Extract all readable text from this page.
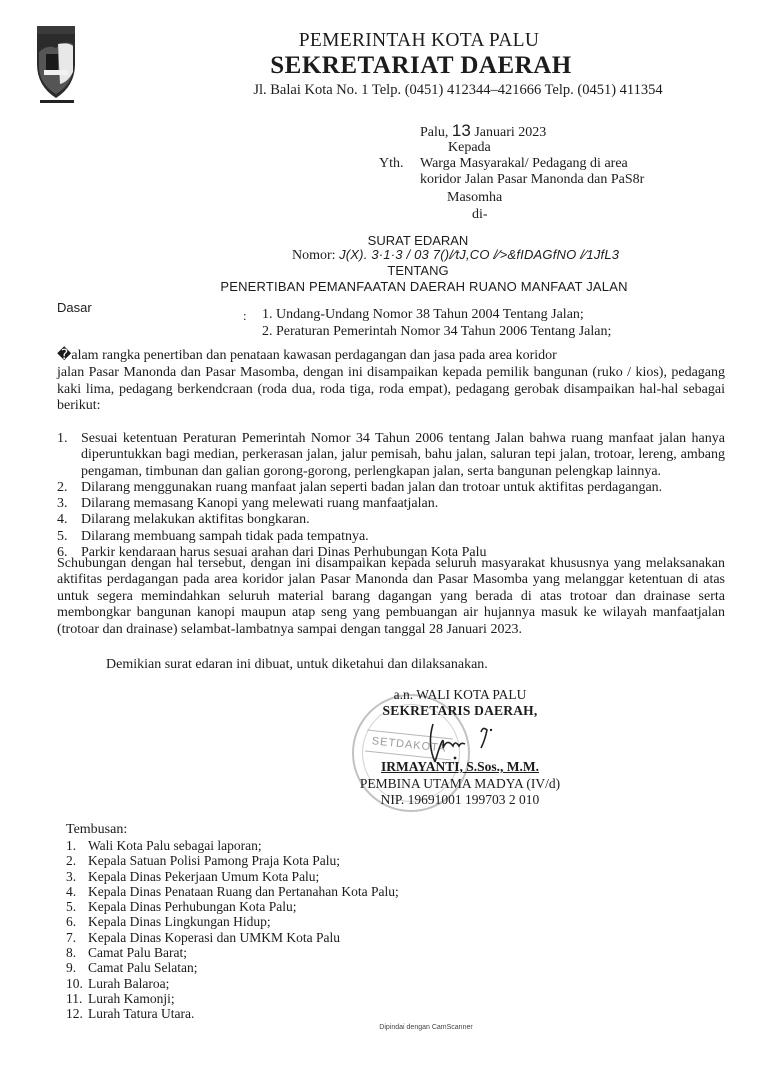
PEMERINTAH KOTA PALU
SEKRETARIAT DAERAH
Jl. Balai Kota No. 1 Telp. (0451) 412344–421666 Telp. (0451) 411354
Palu, 13 Januari 2023
Kepada
Yth. Warga Masyarakal/ Pedagang di area
koridor Jalan Pasar Manonda dan PaS8r
Masomha
di-
SURAT EDARAN
Nomor: J(X). 3·1·3 / 03 7()/⁄tJ,CO /⁄>&fIDAGfNO /⁄1JfL3
TENTANG
PENERTIBAN PEMANFAATAN DAERAH RUANO MANFAAT JALAN
Dasar
: 1. Undang-Undang Nomor 38 Tahun 2004 Tentang Jalan;
2. Peraturan Pemerintah Nomor 34 Tahun 2006 Tentang Jalan;
�alam rangka penertiban dan penataan kawasan perdagangan dan jasa pada area koridor
jalan Pasar Manonda dan Pasar Masomba, dengan ini disampaikan kepada pemilik bangunan (ruko / kios), pedagang kaki lima, pedagang berkendcraan (roda dua, roda tiga, roda empat), pedagang gerobak disampaikan hal-hal sebagai berikut:
1. Sesuai ketentuan Peraturan Pemerintah Nomor 34 Tahun 2006 tentang Jalan bahwa ruang manfaat jalan hanya diperuntukkan bagi median, perkerasan jalan, jalur pemisah, bahu jalan, saluran tepi jalan, trotoar, lereng, ambang pengaman, timbunan dan galian gorong-gorong, perlengkapan jalan, serta bangunan pelengkap lainnya.
2. Dilarang menggunakan ruang manfaat jalan seperti badan jalan dan trotoar untuk aktifitas perdagangan.
3. Dilarang memasang Kanopi yang melewati ruang manfaatjalan.
4. Dilarang melakukan aktifitas bongkaran.
5. Dilarang membuang sampah tidak pada tempatnya.
6. Parkir kendaraan harus sesuai arahan dari Dinas Perhubungan Kota Palu
Schubungan dengan hal tersebut, dengan ini disampaikan kepada seluruh masyarakat khususnya yang melaksanakan aktifitas perdagangan pada area koridor jalan Pasar Manonda dan Pasar Masomba yang melanggar ketentuan di atas untuk segera memindahkan seluruh material barang dagangan yang berada di atas trotoar dan drainase serta membongkar bangunan kanopi maupun atap seng yang pembuangan air hujannya masuk ke wilayah manfaatjalan (trotoar dan drainase) selambat-lambatnya sampai dengan tanggal 28 Januari 2023.
Demikian surat edaran ini dibuat, untuk diketahui dan dilaksanakan.
SETDAKOTA
a.n. WALI KOTA PALU
SEKRETARIS DAERAH,
IRMAYANTI, S.Sos., M.M.
PEMBINA UTAMA MADYA (IV/d)
NIP. 19691001 199703 2 010
Tembusan:
1. Wali Kota Palu sebagai laporan;
2. Kepala Satuan Polisi Pamong Praja Kota Palu;
3. Kepala Dinas Pekerjaan Umum Kota Palu;
4. Kepala Dinas Penataan Ruang dan Pertanahan Kota Palu;
5. Kepala Dinas Perhubungan Kota Palu;
6. Kepala Dinas Lingkungan Hidup;
7. Kepala Dinas Koperasi dan UMKM Kota Palu
8. Camat Palu Barat;
9. Camat Palu Selatan;
10. Lurah Balaroa;
11. Lurah Kamonji;
12. Lurah Tatura Utara.
Dipindai dengan CamScanner
